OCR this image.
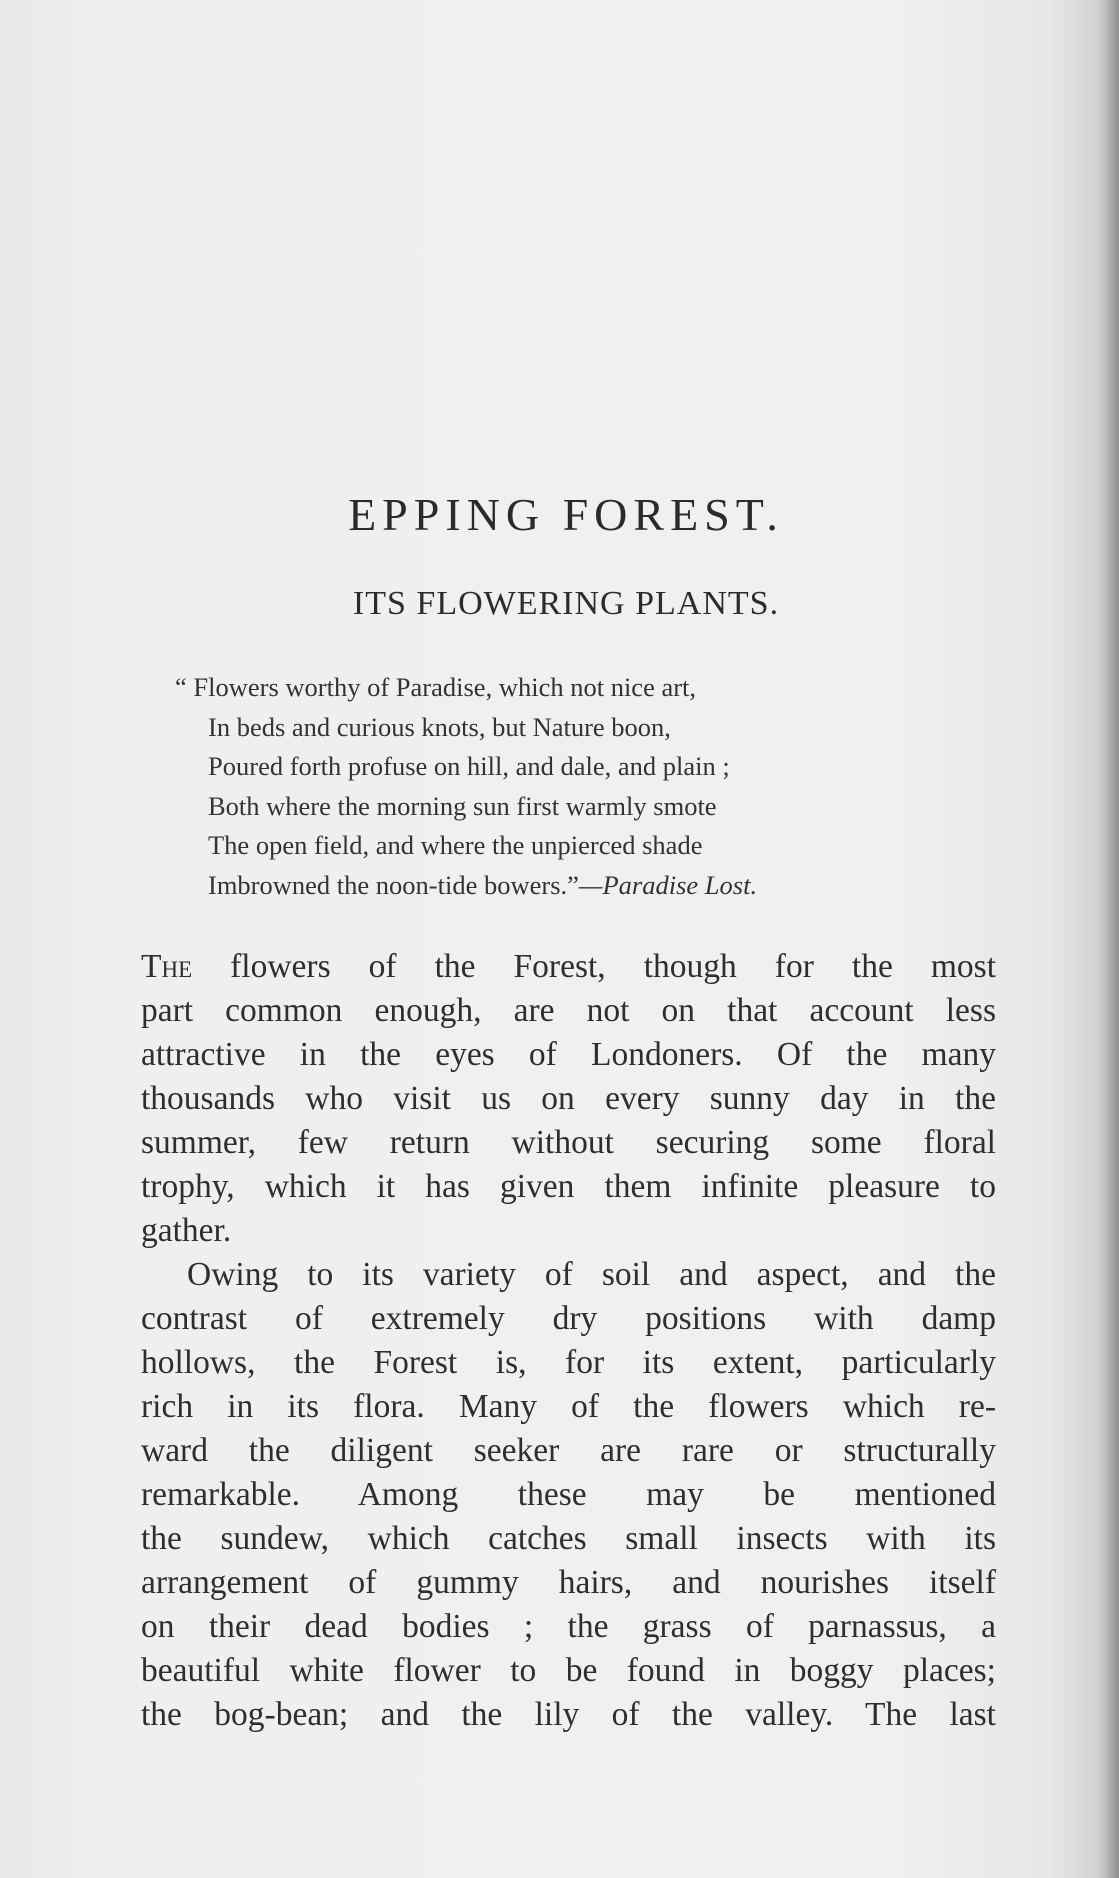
EPPING FOREST.
ITS FLOWERING PLANTS.
“ Flowers worthy of Paradise, which not nice art,
In beds and curious knots, but Nature boon,
Poured forth profuse on hill, and dale, and plain ;
Both where the morning sun first warmly smote
The open field, and where the unpierced shade
Imbrowned the noon-tide bowers.”—Paradise Lost.
The flowers of the Forest, though for the most
part common enough, are not on that account less
attractive in the eyes of Londoners. Of the many
thousands who visit us on every sunny day in the
summer, few return without securing some floral
trophy, which it has given them infinite pleasure to
gather.
Owing to its variety of soil and aspect, and the
contrast of extremely dry positions with damp
hollows, the Forest is, for its extent, particularly
rich in its flora. Many of the flowers which re-
ward the diligent seeker are rare or structurally
remarkable. Among these may be mentioned
the sundew, which catches small insects with its
arrangement of gummy hairs, and nourishes itself
on their dead bodies ; the grass of parnassus, a
beautiful white flower to be found in boggy places;
the bog-bean; and the lily of the valley. The last
